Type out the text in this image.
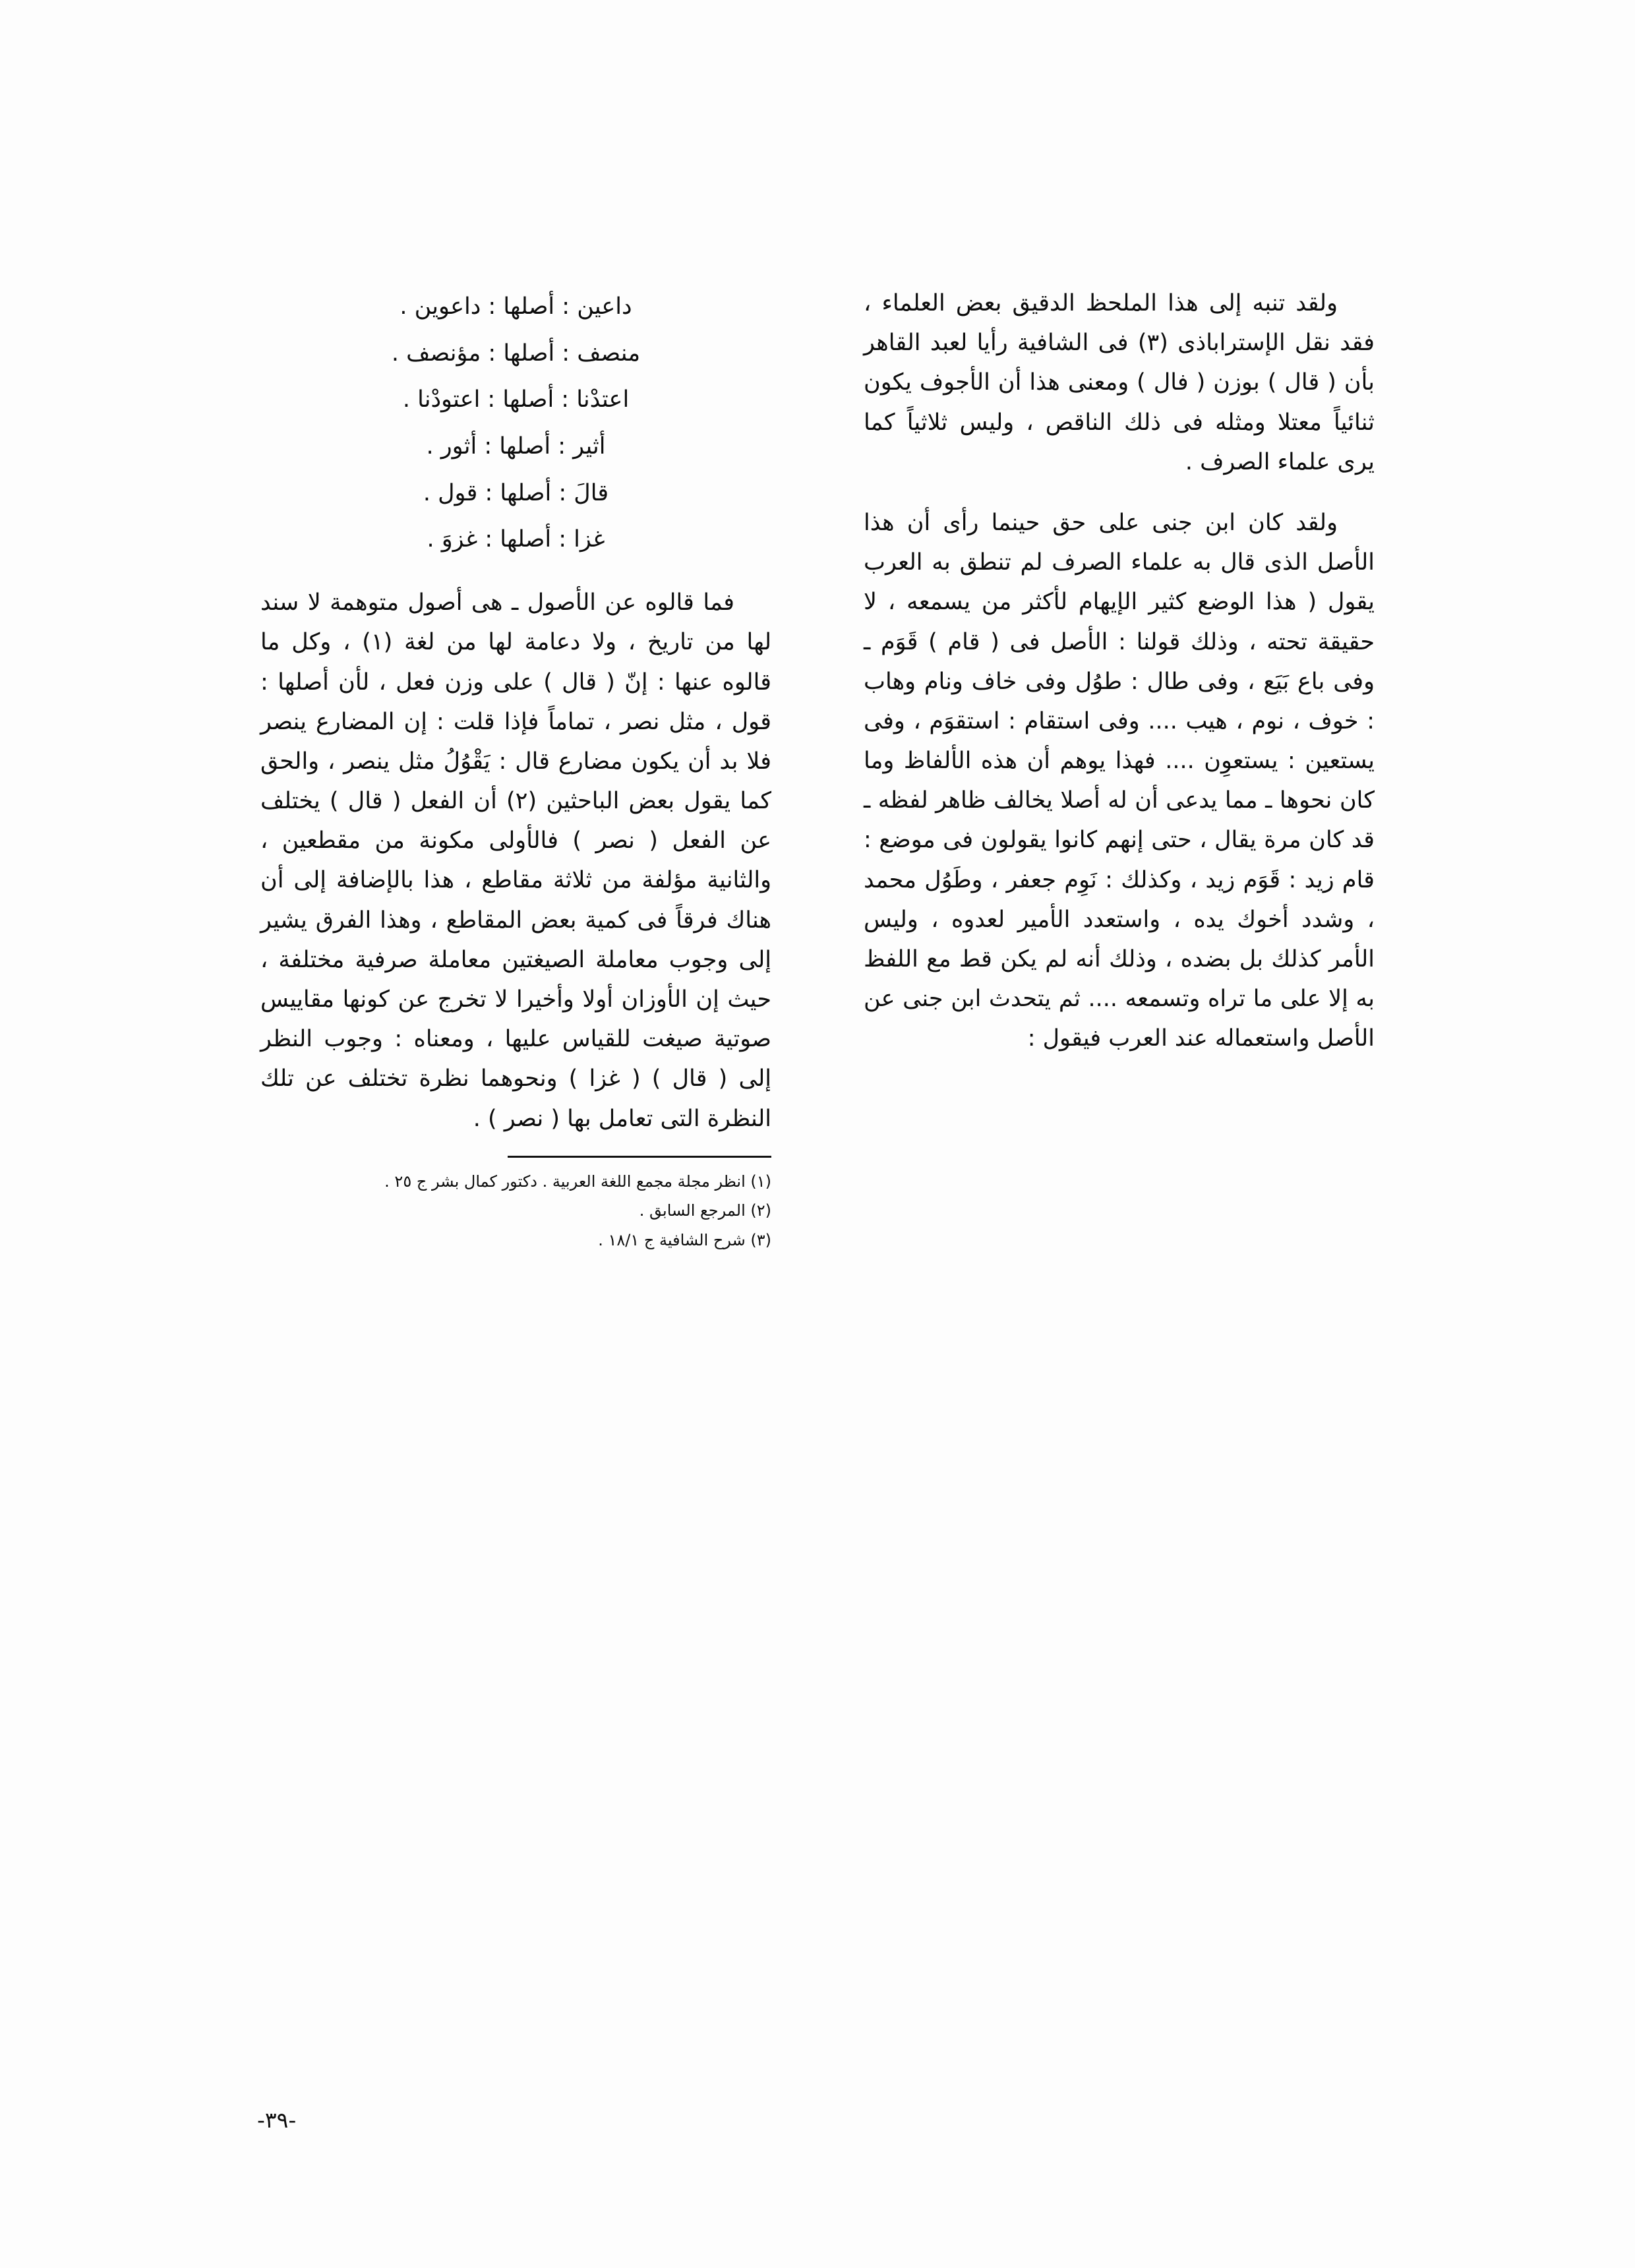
ولقد تنبه إلى هذا الملحظ الدقيق بعض العلماء ، فقد نقل الإستراباذى (٣) فى الشافية رأيا لعبد القاهر بأن ( قال ) بوزن ( فال ) ومعنى هذا أن الأجوف يكون ثنائياً معتلا ومثله فى ذلك الناقص ، وليس ثلاثياً كما يرى علماء الصرف .

ولقد كان ابن جنى على حق حينما رأى أن هذا الأصل الذى قال به علماء الصرف لم تنطق به العرب يقول ( هذا الوضع كثير الإيهام لأكثر من يسمعه ، لا حقيقة تحته ، وذلك قولنا : الأصل فى ( قام ) قَوَم ـ وفى باع بَيَع ، وفى طال : طوُل وفى خاف ونام وهاب : خوف ، نوم ، هيب .... وفى استقام : استقوَم ، وفى يستعين : يستعوِن .... فهذا يوهم أن هذه الألفاظ وما كان نحوها ـ مما يدعى أن له أصلا يخالف ظاهر لفظه ـ قد كان مرة يقال ، حتى إنهم كانوا يقولون فى موضع : قام زيد : قَوَم زيد ، وكذلك : نَوِم جعفر ، وطَوُل محمد ، وشدد أخوك يده ، واستعدد الأمير لعدوه ، وليس الأمر كذلك بل بضده ، وذلك أنه لم يكن قط مع اللفظ به إلا على ما تراه وتسمعه .... ثم يتحدث ابن جنى عن الأصل واستعماله عند العرب فيقول :

داعين : أصلها : داعوين .
منصف : أصلها : مؤنصف .
اعتدْنا : أصلها : اعتودْنا .
أثير : أصلها : أثور .
قالَ : أصلها : قول .
غزا : أصلها : غزوَ .

فما قالوه عن الأصول ـ هى أصول متوهمة لا سند لها من تاريخ ، ولا دعامة لها من لغة (١) ، وكل ما قالوه عنها : إنّ ( قال ) على وزن فعل ، لأن أصلها : قول ، مثل نصر ، تماماً فإذا قلت : إن المضارع ينصر فلا بد أن يكون مضارع قال : يَقْوُلُ مثل ينصر ، والحق كما يقول بعض الباحثين (٢) أن الفعل ( قال ) يختلف عن الفعل ( نصر ) فالأولى مكونة من مقطعين ، والثانية مؤلفة من ثلاثة مقاطع ، هذا بالإضافة إلى أن هناك فرقاً فى كمية بعض المقاطع ، وهذا الفرق يشير إلى وجوب معاملة الصيغتين معاملة صرفية مختلفة ، حيث إن الأوزان أولا وأخيرا لا تخرج عن كونها مقاييس صوتية صيغت للقياس عليها ، ومعناه : وجوب النظر إلى ( قال ) ( غزا ) ونحوهما نظرة تختلف عن تلك النظرة التى تعامل بها ( نصر ) .

(١) انظر مجلة مجمع اللغة العربية . دكتور كمال بشر ج ٢٥ .
(٢) المرجع السابق .
(٣) شرح الشافية ج ١٨/١ .
-٣٩-
